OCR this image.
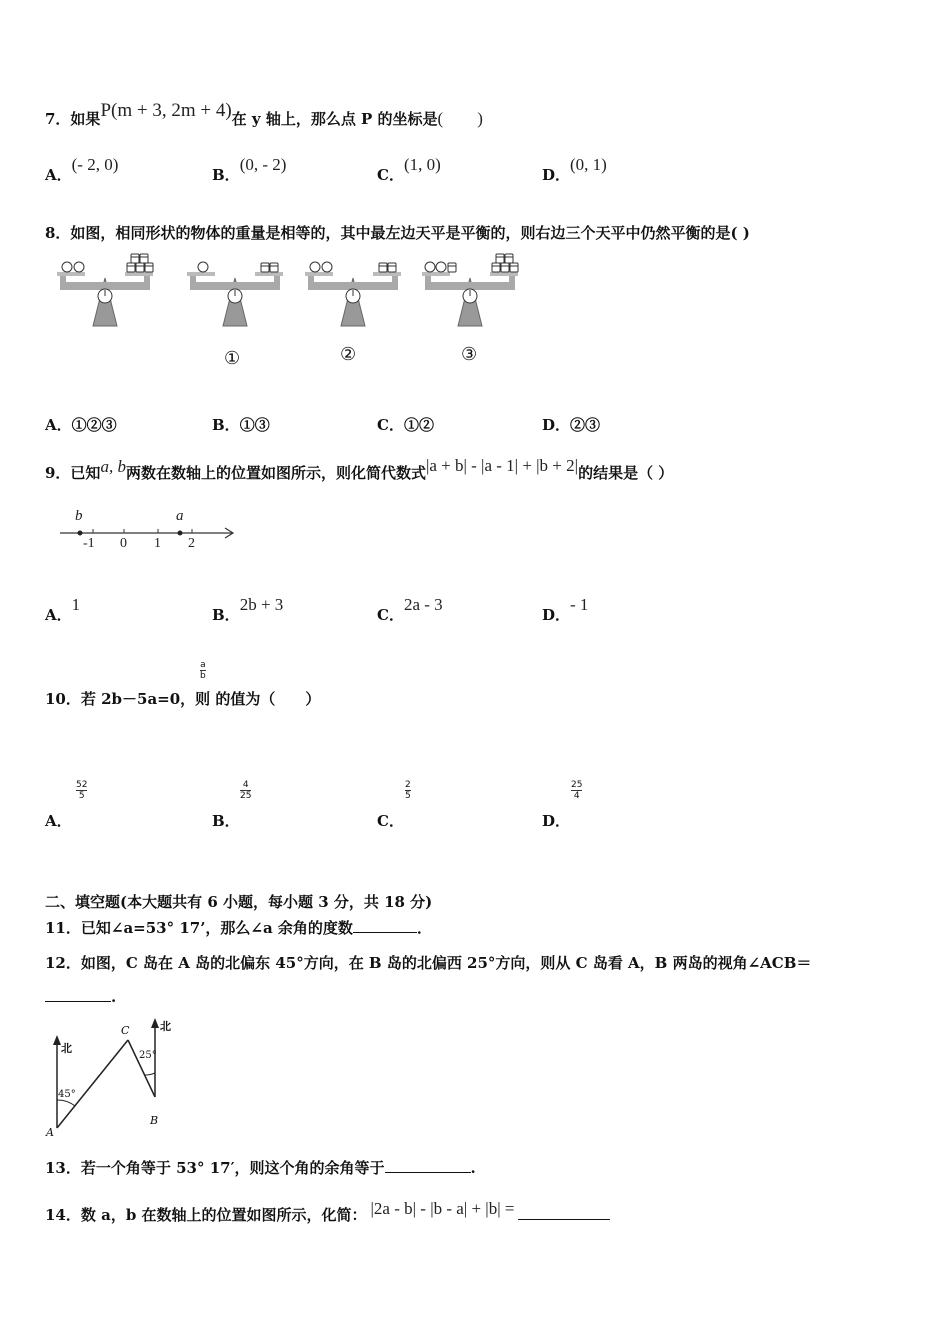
7．如果P(m + 3, 2m + 4)在 y 轴上，那么点 P 的坐标是(　　)
A．(- 2, 0)
B．(0, - 2)
C．(1, 0)
D．(0, 1)
8．如图，相同形状的物体的重量是相等的，其中最左边天平是平衡的，则右边三个天平中仍然平衡的是( )
①	②	③
A．①②③	B．①③	C．①②	D．②③
9．已知a, b两数在数轴上的位置如图所示，则化简代数式|a + b| - |a - 1| + |b + 2|的结果是（ ）
b	a
-1 0 1 2
A．1
B．2b + 3
C．2a - 3
D．- 1
$\frac{a}{b}$
10．若 2b－5a=0，则 的值为（　　）
A．
$\frac{52}{5}$
B．
$\frac{4}{25}$
C．
$\frac{2}{5}$
D．
$\frac{25}{4}$
二、填空题(本大题共有 6 小题，每小题 3 分，共 18 分)
11．已知∠a=53° 17’，那么∠a 余角的度数	．
12．如图，C 岛在 A 岛的北偏东 45°方向，在 B 岛的北偏西 25°方向，则从 C 岛看 A，B 两岛的视角∠ACB＝
.
北
北
C
A
B
45°
25°
13．若一个角等于 53° 17′，则这个角的余角等于	.
14．数 a，b 在数轴上的位置如图所示，化简： |2a - b| - |b - a| + |b| =
